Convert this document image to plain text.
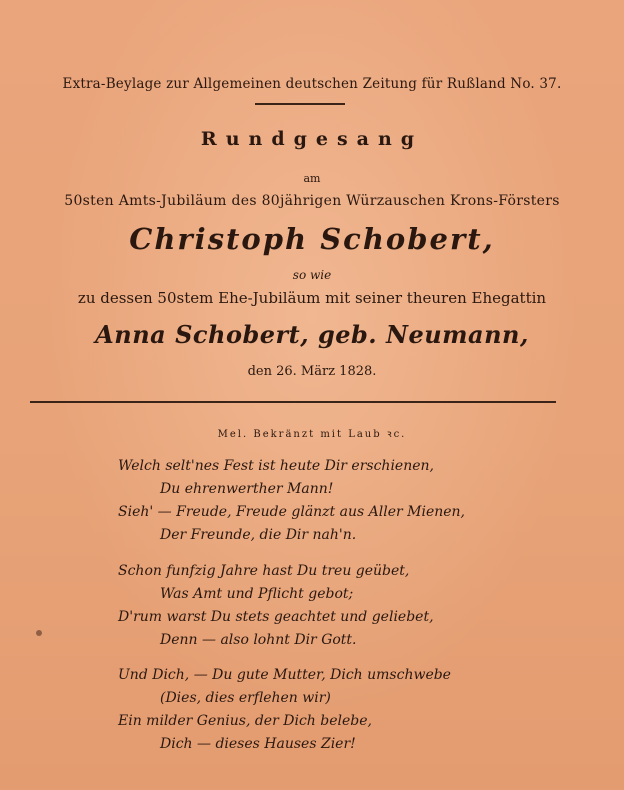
Extra-Beylage zur Allgemeinen deutschen Zeitung für Rußland No. 37.
Rundgesang
am
50sten Amts-Jubiläum des 80jährigen Würzauschen Krons-Försters
Christoph Schobert,
so wie
zu dessen 50stem Ehe-Jubiläum mit seiner theuren Ehegattin
Anna Schobert, geb. Neumann,
den 26. März 1828.
Mel. Bekränzt mit Laub ꝛc.
Welch selt'nes Fest ist heute Dir erschienen,
Du ehrenwerther Mann!
Sieh' — Freude, Freude glänzt aus Aller Mienen,
Der Freunde, die Dir nah'n.
Schon funfzig Jahre hast Du treu geübet,
Was Amt und Pflicht gebot;
D'rum warst Du stets geachtet und geliebet,
Denn — also lohnt Dir Gott.
Und Dich, — Du gute Mutter, Dich umschwebe
(Dies, dies erflehen wir)
Ein milder Genius, der Dich belebe,
Dich — dieses Hauses Zier!
